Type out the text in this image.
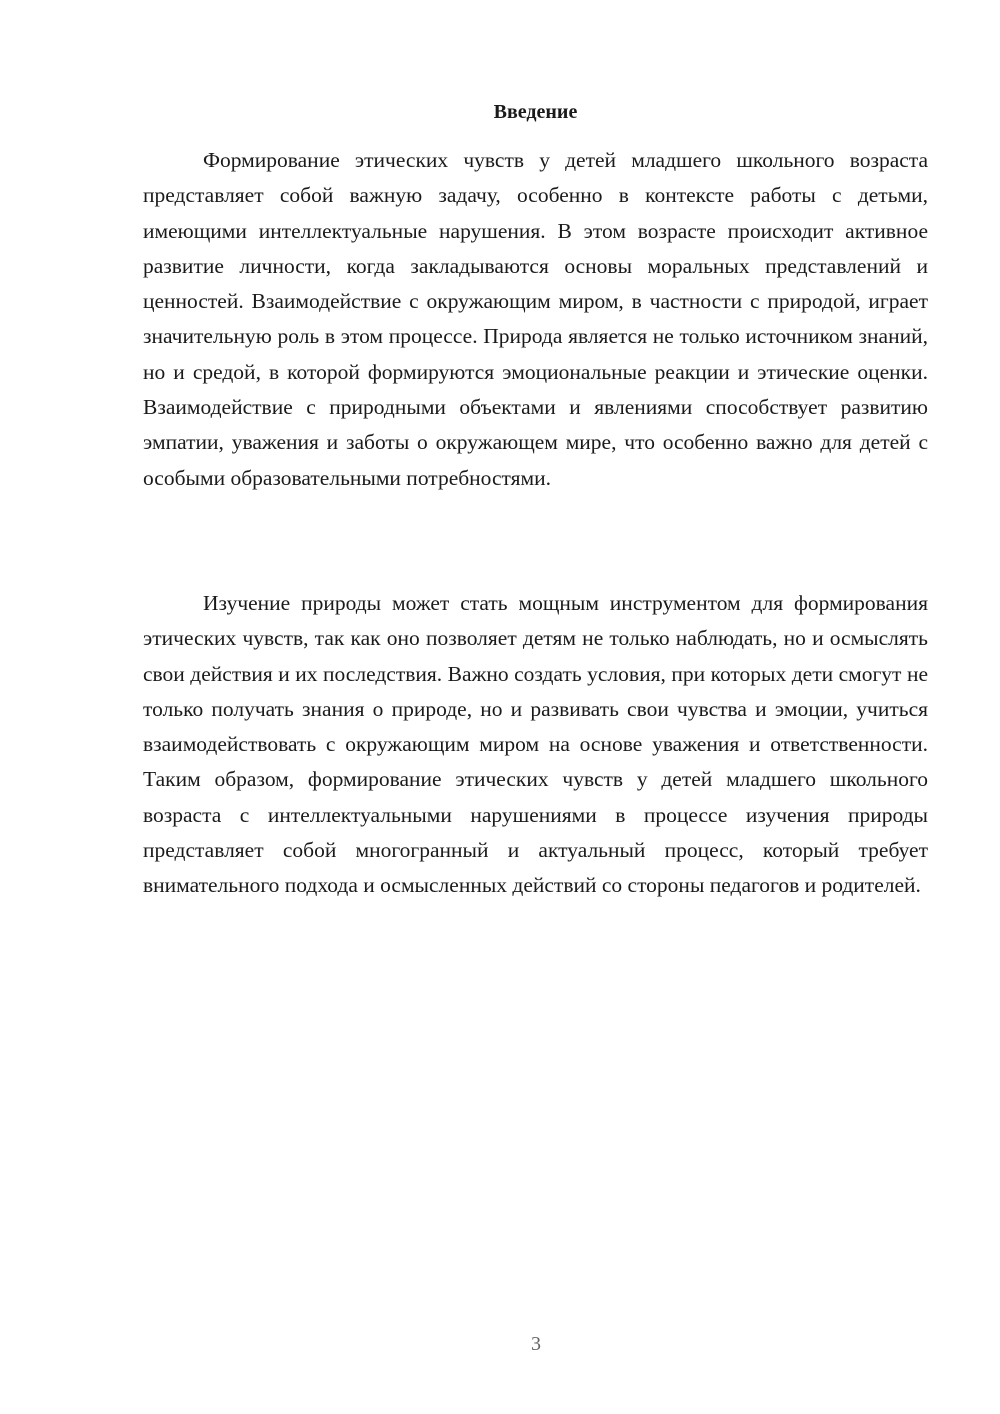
Введение

Формирование этических чувств у детей младшего школьного возраста представляет собой важную задачу, особенно в контексте работы с детьми, имеющими интеллектуальные нарушения. В этом возрасте происходит активное развитие личности, когда закладываются основы моральных представлений и ценностей. Взаимодействие с окружающим миром, в частности с природой, играет значительную роль в этом процессе. Природа является не только источником знаний, но и средой, в которой формируются эмоциональные реакции и этические оценки. Взаимодействие с природными объектами и явлениями способствует развитию эмпатии, уважения и заботы о окружающем мире, что особенно важно для детей с особыми образовательными потребностями.

Изучение природы может стать мощным инструментом для формирования этических чувств, так как оно позволяет детям не только наблюдать, но и осмыслять свои действия и их последствия. Важно создать условия, при которых дети смогут не только получать знания о природе, но и развивать свои чувства и эмоции, учиться взаимодействовать с окружающим миром на основе уважения и ответственности. Таким образом, формирование этических чувств у детей младшего школьного возраста с интеллектуальными нарушениями в процессе изучения природы представляет собой многогранный и актуальный процесс, который требует внимательного подхода и осмысленных действий со стороны педагогов и родителей.

3
